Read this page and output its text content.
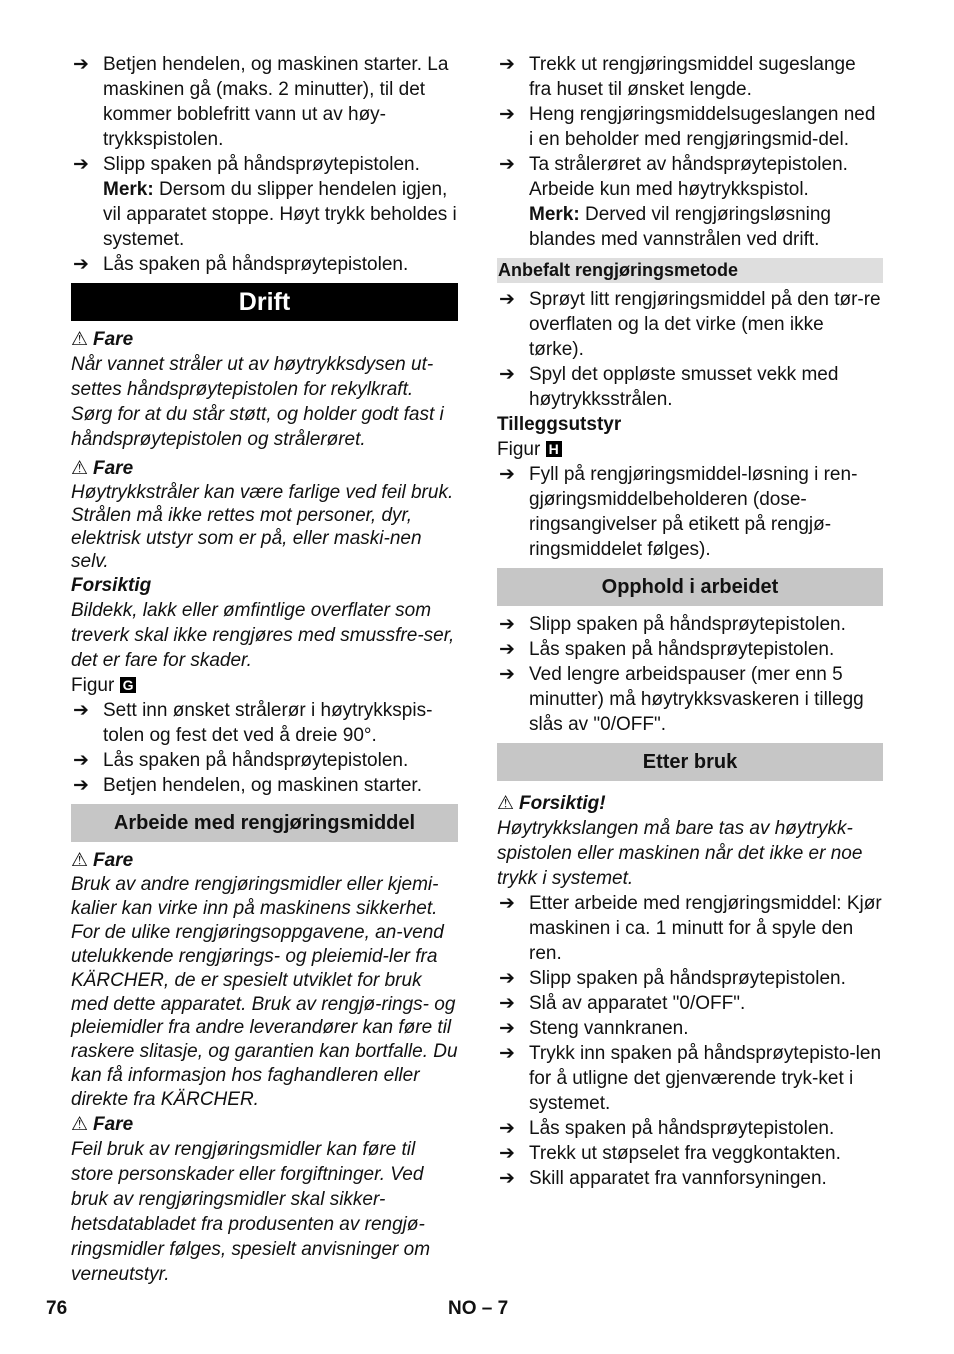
➔ Betjen hendelen, og maskinen starter. La maskinen gå (maks. 2 minutter), til det kommer boblefritt vann ut av høy-trykkspistolen.
➔ Slipp spaken på håndsprøytepistolen.
Merk: Dersom du slipper hendelen igjen, vil apparatet stoppe. Høyt trykk beholdes i systemet.
➔ Lås spaken på håndsprøytepistolen.
Drift
⚠ Fare
Når vannet stråler ut av høytrykksdysen ut-settes håndsprøytepistolen for rekylkraft. Sørg for at du står støtt, og holder godt fast i håndsprøytepistolen og strålerøret.
⚠ Fare
Høytrykkstråler kan være farlige ved feil bruk. Strålen må ikke rettes mot personer, dyr, elektrisk utstyr som er på, eller maski-nen selv.
Forsiktig
Bildekk, lakk eller ømfintlige overflater som treverk skal ikke rengjøres med smussfre-ser, det er fare for skader.
Figur G
➔ Sett inn ønsket strålerør i høytrykkspis-tolen og fest det ved å dreie 90°.
➔ Lås spaken på håndsprøytepistolen.
➔ Betjen hendelen, og maskinen starter.
Arbeide med rengjøringsmiddel
⚠ Fare
Bruk av andre rengjøringsmidler eller kjemi-kalier kan virke inn på maskinens sikkerhet. For de ulike rengjøringsoppgavene, an-vend utelukkende rengjørings- og pleiemid-ler fra KÄRCHER, de er spesielt utviklet for bruk med dette apparatet. Bruk av rengjø-rings- og pleiemidler fra andre leverandører kan føre til raskere slitasje, og garantien kan bortfalle. Du kan få informasjon hos faghandleren eller direkte fra KÄRCHER.
⚠ Fare
Feil bruk av rengjøringsmidler kan føre til store personskader eller forgiftninger. Ved bruk av rengjøringsmidler skal sikker-hetsdatabladet fra produsenten av rengjø-ringsmidler følges, spesielt anvisninger om verneutstyr.
➔ Trekk ut rengjøringsmiddel sugeslange fra huset til ønsket lengde.
➔ Heng rengjøringsmiddelsugeslangen ned i en beholder med rengjøringsmid-del.
➔ Ta strålerøret av håndsprøytepistolen. Arbeide kun med høytrykkspistol.
Merk: Derved vil rengjøringsløsning blandes med vannstrålen ved drift.
Anbefalt rengjøringsmetode
➔ Sprøyt litt rengjøringsmiddel på den tør-re overflaten og la det virke (men ikke tørke).
➔ Spyl det oppløste smusset vekk med høytrykksstrålen.
Tilleggsutstyr
Figur H
➔ Fyll på rengjøringsmiddel-løsning i ren-gjøringsmiddelbeholderen (dose-ringsangivelser på etikett på rengjø-ringsmiddelet følges).
Opphold i arbeidet
➔ Slipp spaken på håndsprøytepistolen.
➔ Lås spaken på håndsprøytepistolen.
➔ Ved lengre arbeidspauser (mer enn 5 minutter) må høytrykksvaskeren i tillegg slås av "0/OFF".
Etter bruk
⚠ Forsiktig!
Høytrykkslangen må bare tas av høytrykk-spistolen eller maskinen når det ikke er noe trykk i systemet.
➔ Etter arbeide med rengjøringsmiddel: Kjør maskinen i ca. 1 minutt for å spyle den ren.
➔ Slipp spaken på håndsprøytepistolen.
➔ Slå av apparatet "0/OFF".
➔ Steng vannkranen.
➔ Trykk inn spaken på håndsprøytepisto-len for å utligne det gjenværende tryk-ket i systemet.
➔ Lås spaken på håndsprøytepistolen.
➔ Trekk ut støpselet fra veggkontakten.
➔ Skill apparatet fra vannforsyningen.
76	NO – 7
